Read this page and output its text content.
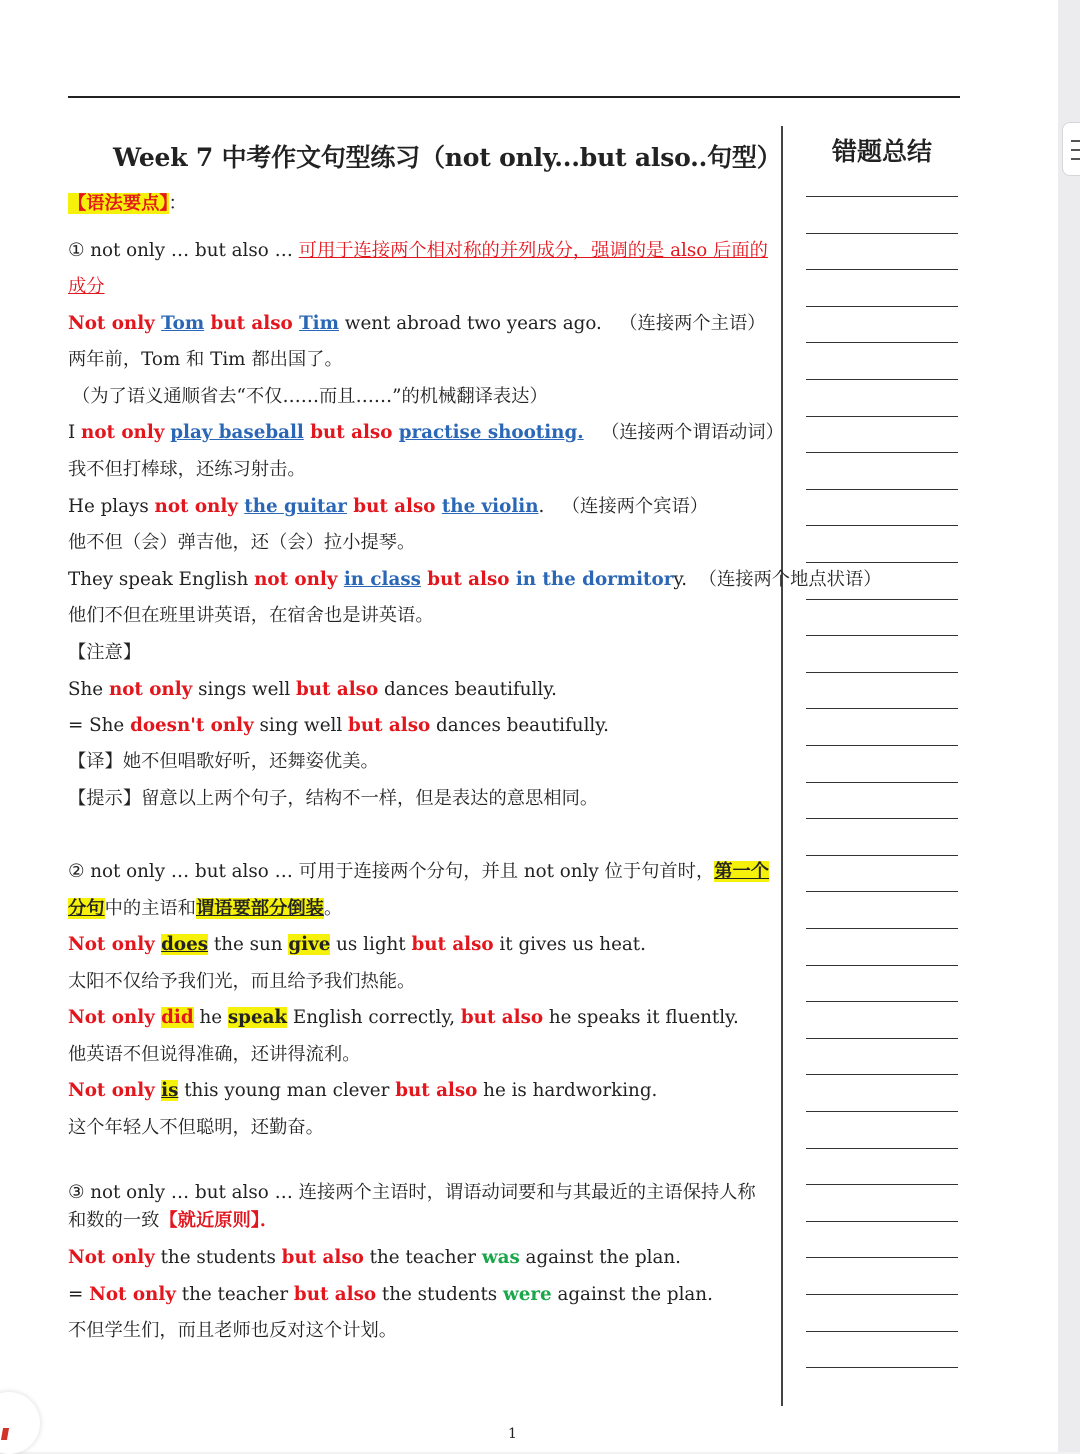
Week 7 中考作文句型练习（not only...but also..句型） 错题总结

【语法要点】：

① not only … but also … 可用于连接两个相对称的并列成分，强调的是 also 后面的

成分

Not only Tom but also Tim went abroad two years ago. （连接两个主语）

两年前，Tom 和 Tim 都出国了。

（为了语义通顺省去“不仅……而且……”的机械翻译表达）

I not only play baseball but also practise shooting. （连接两个谓语动词）

我不但打棒球，还练习射击。

He plays not only the guitar but also the violin. （连接两个宾语）

他不但（会）弹吉他，还（会）拉小提琴。

They speak English not only in class but also in the dormitory. （连接两个地点状语）

他们不但在班里讲英语，在宿舍也是讲英语。

【注意】

She not only sings well but also dances beautifully.

= She doesn't only sing well but also dances beautifully.

【译】她不但唱歌好听，还舞姿优美。

【提示】留意以上两个句子，结构不一样，但是表达的意思相同。

② not only … but also … 可用于连接两个分句，并且 not only 位于句首时，第一个

分句中的主语和谓语要部分倒装。

Not only does the sun give us light but also it gives us heat.

太阳不仅给予我们光，而且给予我们热能。

Not only did he speak English correctly, but also he speaks it fluently.

他英语不但说得准确，还讲得流利。

Not only is this young man clever but also he is hardworking.

这个年轻人不但聪明，还勤奋。

③ not only … but also … 连接两个主语时，谓语动词要和与其最近的主语保持人称

和数的一致【就近原则】．

Not only the students but also the teacher was against the plan.

= Not only the teacher but also the students were against the plan.

不但学生们，而且老师也反对这个计划。

1
